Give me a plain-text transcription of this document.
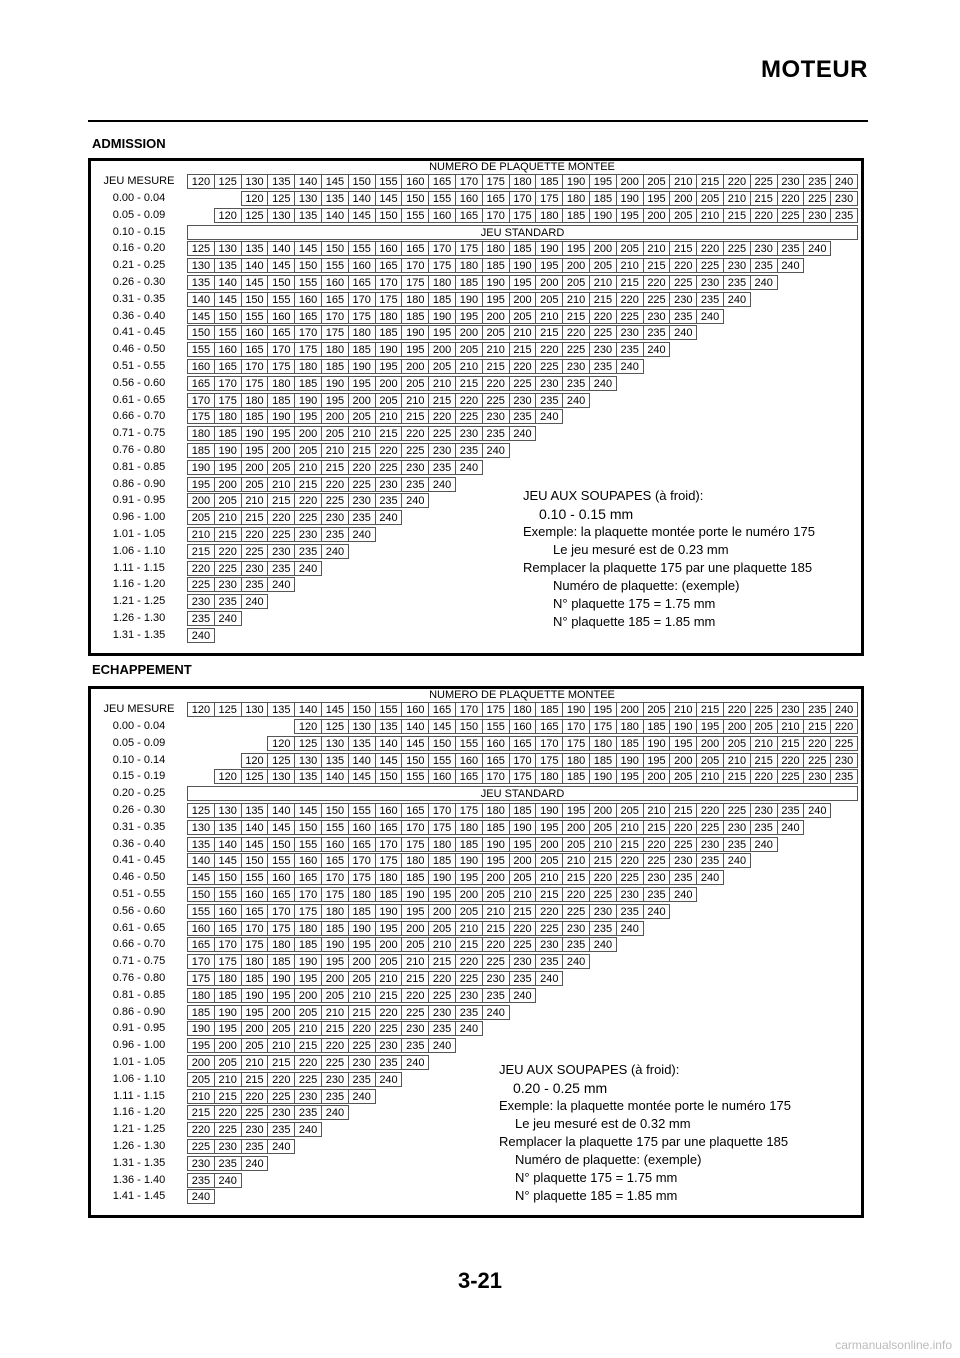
MOTEUR
ADMISSION
JEU MESURE
NUMERO DE PLAQUETTE MONTEE
120 125 130 135 140 145 150 155 160 165 170 175 180 185 190 195 200 205 210 215 220 225 230 235 240
0.00 - 0.04	120 125 130 135 140 145 150 155 160 165 170 175 180 185 190 195 200 205 210 215 220 225 230
0.05 - 0.09	120 125 130 135 140 145 150 155 160 165 170 175 180 185 190 195 200 205 210 215 220 225 230 235
0.10 - 0.15	JEU STANDARD
0.16 - 0.20	125 130 135 140 145 150 155 160 165 170 175 180 185 190 195 200 205 210 215 220 225 230 235 240
0.21 - 0.25	130 135 140 145 150 155 160 165 170 175 180 185 190 195 200 205 210 215 220 225 230 235 240
0.26 - 0.30	135 140 145 150 155 160 165 170 175 180 185 190 195 200 205 210 215 220 225 230 235 240
0.31 - 0.35	140 145 150 155 160 165 170 175 180 185 190 195 200 205 210 215 220 225 230 235 240
0.36 - 0.40	145 150 155 160 165 170 175 180 185 190 195 200 205 210 215 220 225 230 235 240
0.41 - 0.45	150 155 160 165 170 175 180 185 190 195 200 205 210 215 220 225 230 235 240
0.46 - 0.50	155 160 165 170 175 180 185 190 195 200 205 210 215 220 225 230 235 240
0.51 - 0.55	160 165 170 175 180 185 190 195 200 205 210 215 220 225 230 235 240
0.56 - 0.60	165 170 175 180 185 190 195 200 205 210 215 220 225 230 235 240
0.61 - 0.65	170 175 180 185 190 195 200 205 210 215 220 225 230 235 240
0.66 - 0.70	175 180 185 190 195 200 205 210 215 220 225 230 235 240
0.71 - 0.75	180 185 190 195 200 205 210 215 220 225 230 235 240
0.76 - 0.80	185 190 195 200 205 210 215 220 225 230 235 240
0.81 - 0.85	190 195 200 205 210 215 220 225 230 235 240
0.86 - 0.90	195 200 205 210 215 220 225 230 235 240
0.91 - 0.95	200 205 210 215 220 225 230 235 240
0.96 - 1.00	205 210 215 220 225 230 235 240
1.01 - 1.05	210 215 220 225 230 235 240
1.06 - 1.10	215 220 225 230 235 240
1.11 - 1.15	220 225 230 235 240
1.16 - 1.20	225 230 235 240
1.21 - 1.25	230 235 240
1.26 - 1.30	235 240
1.31 - 1.35	240
JEU AUX SOUPAPES (à froid):
0.10 - 0.15 mm
Exemple: la plaquette montée porte le numéro 175
Le jeu mesuré est de 0.23 mm
Remplacer la plaquette 175 par une plaquette 185
Numéro de plaquette: (exemple)
N° plaquette 175 = 1.75 mm
N° plaquette 185 = 1.85 mm
ECHAPPEMENT
JEU MESURE
NUMERO DE PLAQUETTE MONTEE
120 125 130 135 140 145 150 155 160 165 170 175 180 185 190 195 200 205 210 215 220 225 230 235 240
0.00 - 0.04	120 125 130 135 140 145 150 155 160 165 170 175 180 185 190 195 200 205 210 215 220
0.05 - 0.09	120 125 130 135 140 145 150 155 160 165 170 175 180 185 190 195 200 205 210 215 220 225
0.10 - 0.14	120 125 130 135 140 145 150 155 160 165 170 175 180 185 190 195 200 205 210 215 220 225 230
0.15 - 0.19	120 125 130 135 140 145 150 155 160 165 170 175 180 185 190 195 200 205 210 215 220 225 230 235
0.20 - 0.25	JEU STANDARD
0.26 - 0.30	125 130 135 140 145 150 155 160 165 170 175 180 185 190 195 200 205 210 215 220 225 230 235 240
0.31 - 0.35	130 135 140 145 150 155 160 165 170 175 180 185 190 195 200 205 210 215 220 225 230 235 240
0.36 - 0.40	135 140 145 150 155 160 165 170 175 180 185 190 195 200 205 210 215 220 225 230 235 240
0.41 - 0.45	140 145 150 155 160 165 170 175 180 185 190 195 200 205 210 215 220 225 230 235 240
0.46 - 0.50	145 150 155 160 165 170 175 180 185 190 195 200 205 210 215 220 225 230 235 240
0.51 - 0.55	150 155 160 165 170 175 180 185 190 195 200 205 210 215 220 225 230 235 240
0.56 - 0.60	155 160 165 170 175 180 185 190 195 200 205 210 215 220 225 230 235 240
0.61 - 0.65	160 165 170 175 180 185 190 195 200 205 210 215 220 225 230 235 240
0.66 - 0.70	165 170 175 180 185 190 195 200 205 210 215 220 225 230 235 240
0.71 - 0.75	170 175 180 185 190 195 200 205 210 215 220 225 230 235 240
0.76 - 0.80	175 180 185 190 195 200 205 210 215 220 225 230 235 240
0.81 - 0.85	180 185 190 195 200 205 210 215 220 225 230 235 240
0.86 - 0.90	185 190 195 200 205 210 215 220 225 230 235 240
0.91 - 0.95	190 195 200 205 210 215 220 225 230 235 240
0.96 - 1.00	195 200 205 210 215 220 225 230 235 240
1.01 - 1.05	200 205 210 215 220 225 230 235 240
1.06 - 1.10	205 210 215 220 225 230 235 240
1.11 - 1.15	210 215 220 225 230 235 240
1.16 - 1.20	215 220 225 230 235 240
1.21 - 1.25	220 225 230 235 240
1.26 - 1.30	225 230 235 240
1.31 - 1.35	230 235 240
1.36 - 1.40	235 240
1.41 - 1.45	240
JEU AUX SOUPAPES (à froid):
0.20 - 0.25 mm
Exemple: la plaquette montée porte le numéro 175
Le jeu mesuré est de 0.32 mm
Remplacer la plaquette 175 par une plaquette 185
Numéro de plaquette: (exemple)
N° plaquette 175 = 1.75 mm
N° plaquette 185 = 1.85 mm
3-21
carmanualsonline.info
